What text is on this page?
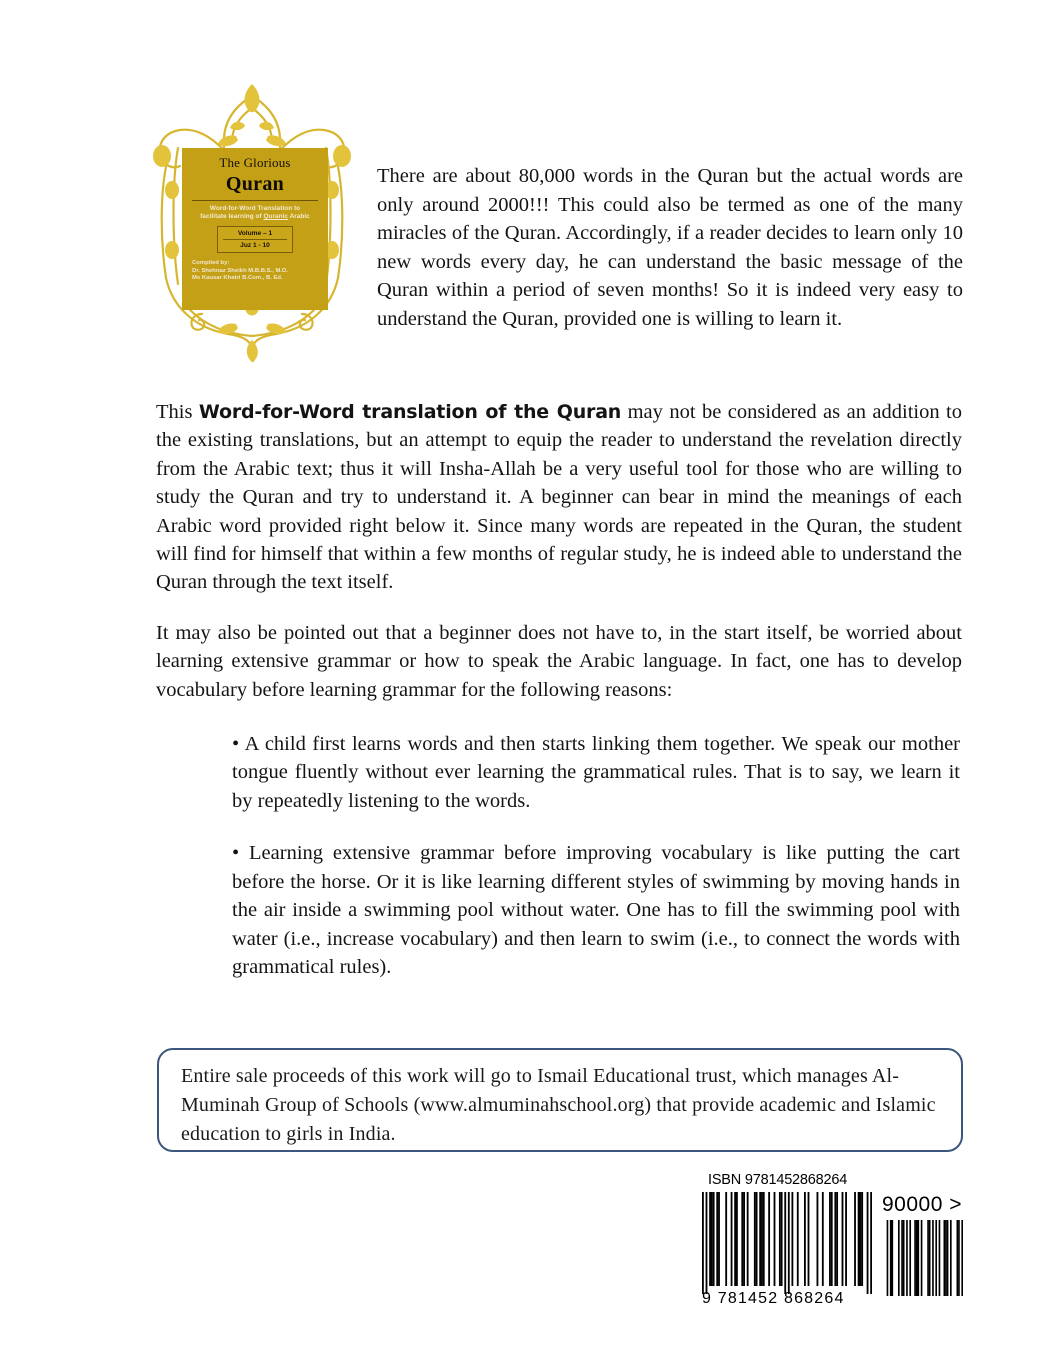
The Glorious
Quran
Word-for-Word Translation to
facilitate learning of Quranic Arabic
Volume – 1
Juz 1 - 10
Compiled by:
Dr. Shehnaz Sheikh M.B.B.S., M.D.
Ms Kausar Khatri B.Com., B. Ed.
There are about 80,000 words in the Quran but the actual words are only around 2000!!! This could also be termed as one of the many miracles of the Quran. Accordingly, if a reader decides to learn only 10 new words every day, he can understand the basic message of the Quran within a period of seven months! So it is indeed very easy to understand the Quran, provided one is willing to learn it.

This Word-for-Word translation of the Quran may not be considered as an addition to the existing translations, but an attempt to equip the reader to understand the revelation directly from the Arabic text; thus it will Insha-Allah be a very useful tool for those who are willing to study the Quran and try to understand it. A beginner can bear in mind the meanings of each Arabic word provided right below it. Since many words are repeated in the Quran, the student will find for himself that within a few months of regular study, he is indeed able to understand the Quran through the text itself.

It may also be pointed out that a beginner does not have to, in the start itself, be worried about learning extensive grammar or how to speak the Arabic language. In fact, one has to develop vocabulary before learning grammar for the following reasons:

• A child first learns words and then starts linking them together. We speak our mother tongue fluently without ever learning the grammatical rules. That is to say, we learn it by repeatedly listening to the words.

• Learning extensive grammar before improving vocabulary is like putting the cart before the horse. Or it is like learning different styles of swimming by moving hands in the air inside a swimming pool without water. One has to fill the swimming pool with water (i.e., increase vocabulary) and then learn to swim (i.e., to connect the words with grammatical rules).

Entire sale proceeds of this work will go to Ismail Educational trust, which manages Al-Muminah Group of Schools (www.almuminahschool.org) that provide academic and Islamic education to girls in India.
ISBN 9781452868264
9 781452 868264
90000 >
